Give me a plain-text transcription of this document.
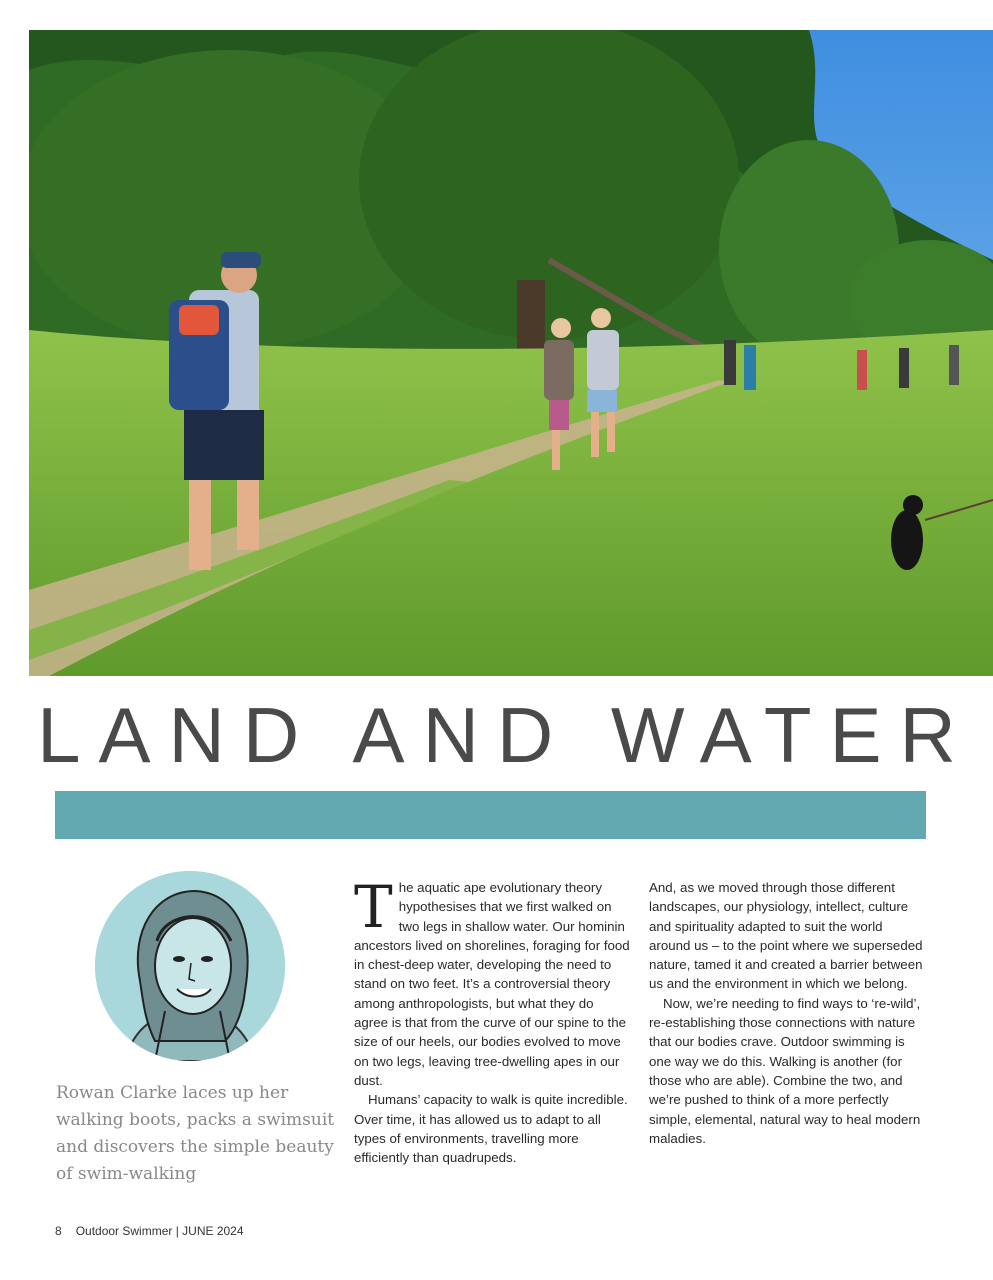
LAND AND WATER

Rowan Clarke laces up her walking boots, packs a swimsuit and discovers the simple beauty of swim-walking

The aquatic ape evolutionary theory hypothesises that we first walked on two legs in shallow water. Our hominin ancestors lived on shorelines, foraging for food in chest-deep water, developing the need to stand on two feet. It’s a controversial theory among anthropologists, but what they do agree is that from the curve of our spine to the size of our heels, our bodies evolved to move on two legs, leaving tree-dwelling apes in our dust.

Humans’ capacity to walk is quite incredible. Over time, it has allowed us to adapt to all types of environments, travelling more efficiently than quadrupeds.

And, as we moved through those different landscapes, our physiology, intellect, culture and spirituality adapted to suit the world around us – to the point where we superseded nature, tamed it and created a barrier between us and the environment in which we belong.

Now, we’re needing to find ways to ‘re-wild’, re-establishing those connections with nature that our bodies crave. Outdoor swimming is one way we do this. Walking is another (for those who are able). Combine the two, and we’re pushed to think of a more perfectly simple, elemental, natural way to heal modern maladies.

8 Outdoor Swimmer | JUNE 2024
